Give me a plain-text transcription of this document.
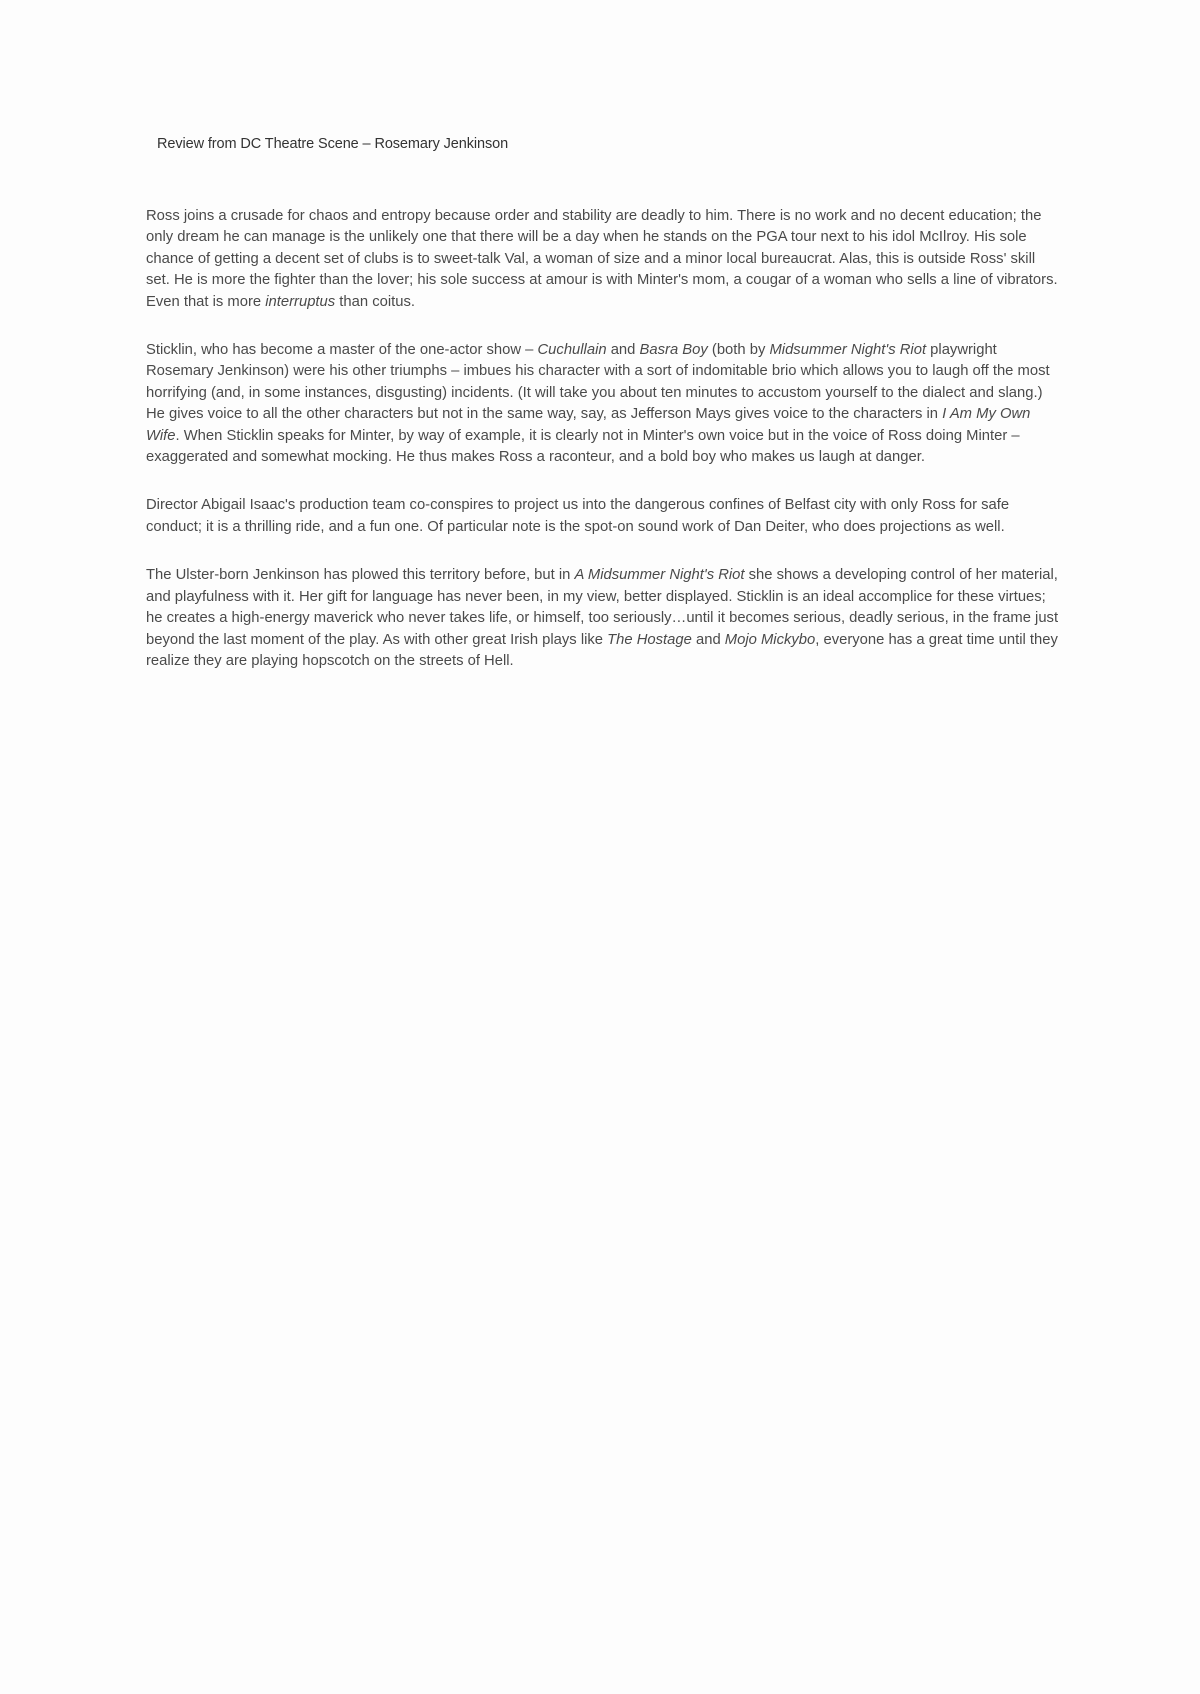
Review from DC Theatre Scene – Rosemary Jenkinson

Ross joins a crusade for chaos and entropy because order and stability are deadly to him. There is no work and no decent education; the only dream he can manage is the unlikely one that there will be a day when he stands on the PGA tour next to his idol McIlroy. His sole chance of getting a decent set of clubs is to sweet-talk Val, a woman of size and a minor local bureaucrat. Alas, this is outside Ross' skill set. He is more the fighter than the lover; his sole success at amour is with Minter's mom, a cougar of a woman who sells a line of vibrators. Even that is more interruptus than coitus.

Sticklin, who has become a master of the one-actor show – Cuchullain and Basra Boy (both by Midsummer Night's Riot playwright Rosemary Jenkinson) were his other triumphs – imbues his character with a sort of indomitable brio which allows you to laugh off the most horrifying (and, in some instances, disgusting) incidents. (It will take you about ten minutes to accustom yourself to the dialect and slang.) He gives voice to all the other characters but not in the same way, say, as Jefferson Mays gives voice to the characters in I Am My Own Wife. When Sticklin speaks for Minter, by way of example, it is clearly not in Minter's own voice but in the voice of Ross doing Minter – exaggerated and somewhat mocking. He thus makes Ross a raconteur, and a bold boy who makes us laugh at danger.

Director Abigail Isaac's production team co-conspires to project us into the dangerous confines of Belfast city with only Ross for safe conduct; it is a thrilling ride, and a fun one. Of particular note is the spot-on sound work of Dan Deiter, who does projections as well.

The Ulster-born Jenkinson has plowed this territory before, but in A Midsummer Night's Riot she shows a developing control of her material, and playfulness with it. Her gift for language has never been, in my view, better displayed. Sticklin is an ideal accomplice for these virtues; he creates a high-energy maverick who never takes life, or himself, too seriously…until it becomes serious, deadly serious, in the frame just beyond the last moment of the play. As with other great Irish plays like The Hostage and Mojo Mickybo, everyone has a great time until they realize they are playing hopscotch on the streets of Hell.
